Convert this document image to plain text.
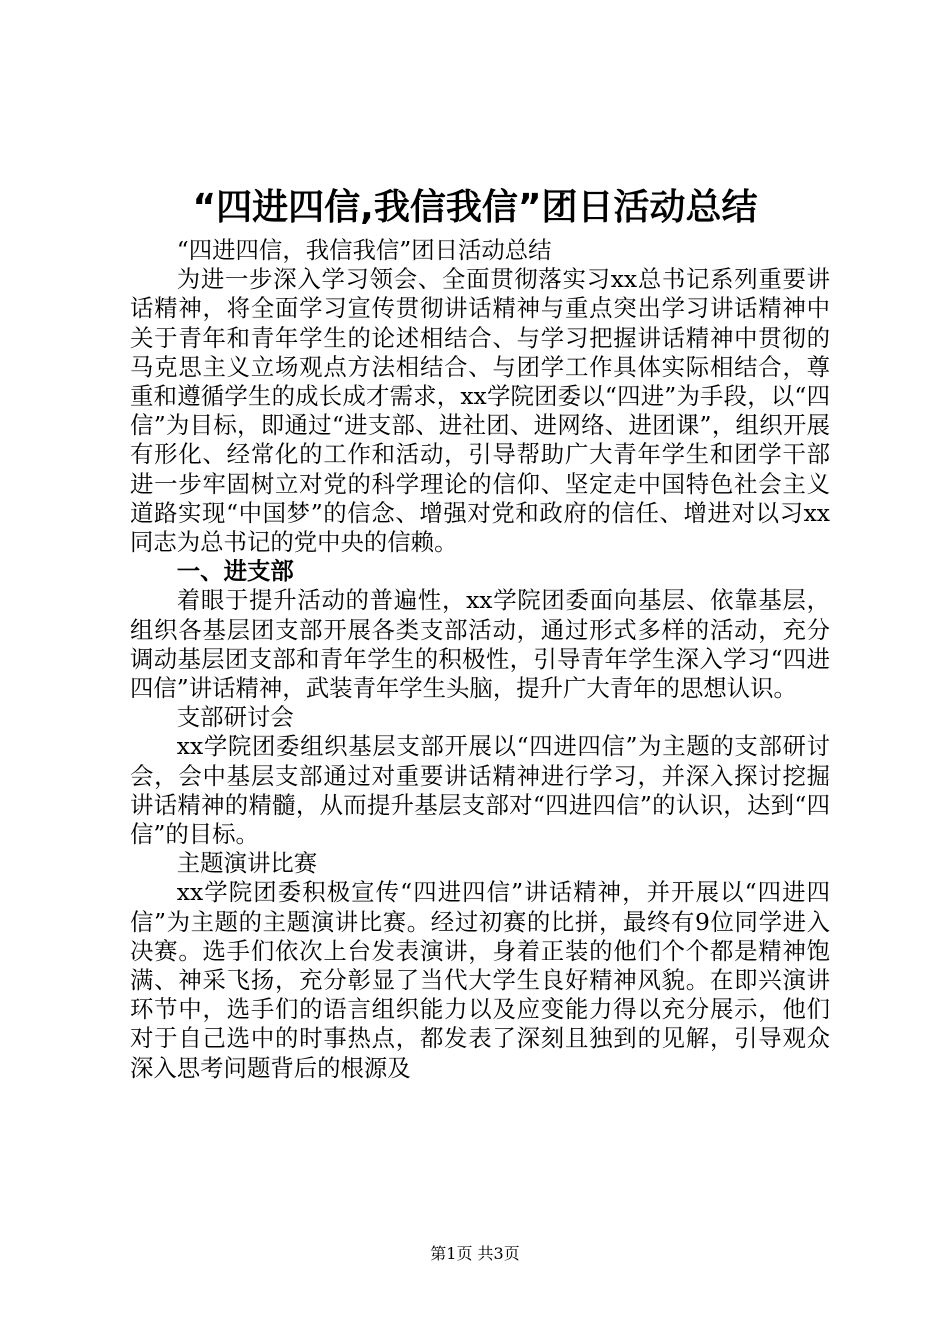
“四进四信,我信我信”团日活动总结

“四进四信，我信我信”团日活动总结

为进一步深入学习领会、全面贯彻落实习xx总书记系列重要讲话精神，将全面学习宣传贯彻讲话精神与重点突出学习讲话精神中关于青年和青年学生的论述相结合、与学习把握讲话精神中贯彻的马克思主义立场观点方法相结合、与团学工作具体实际相结合，尊重和遵循学生的成长成才需求，xx学院团委以“四进”为手段，以“四信”为目标，即通过“进支部、进社团、进网络、进团课”，组织开展有形化、经常化的工作和活动，引导帮助广大青年学生和团学干部进一步牢固树立对党的科学理论的信仰、坚定走中国特色社会主义道路实现“中国梦”的信念、增强对党和政府的信任、增进对以习xx同志为总书记的党中央的信赖。

一、进支部

着眼于提升活动的普遍性，xx学院团委面向基层、依靠基层，组织各基层团支部开展各类支部活动，通过形式多样的活动，充分调动基层团支部和青年学生的积极性，引导青年学生深入学习“四进四信”讲话精神，武装青年学生头脑，提升广大青年的思想认识。

支部研讨会

xx学院团委组织基层支部开展以“四进四信”为主题的支部研讨会，会中基层支部通过对重要讲话精神进行学习，并深入探讨挖掘讲话精神的精髓，从而提升基层支部对“四进四信”的认识，达到“四信”的目标。

主题演讲比赛

xx学院团委积极宣传“四进四信”讲话精神，并开展以“四进四信”为主题的主题演讲比赛。经过初赛的比拼，最终有9位同学进入决赛。选手们依次上台发表演讲，身着正装的他们个个都是精神饱满、神采飞扬，充分彰显了当代大学生良好精神风貌。在即兴演讲环节中，选手们的语言组织能力以及应变能力得以充分展示，他们对于自己选中的时事热点，都发表了深刻且独到的见解，引导观众深入思考问题背后的根源及

第1页 共3页
